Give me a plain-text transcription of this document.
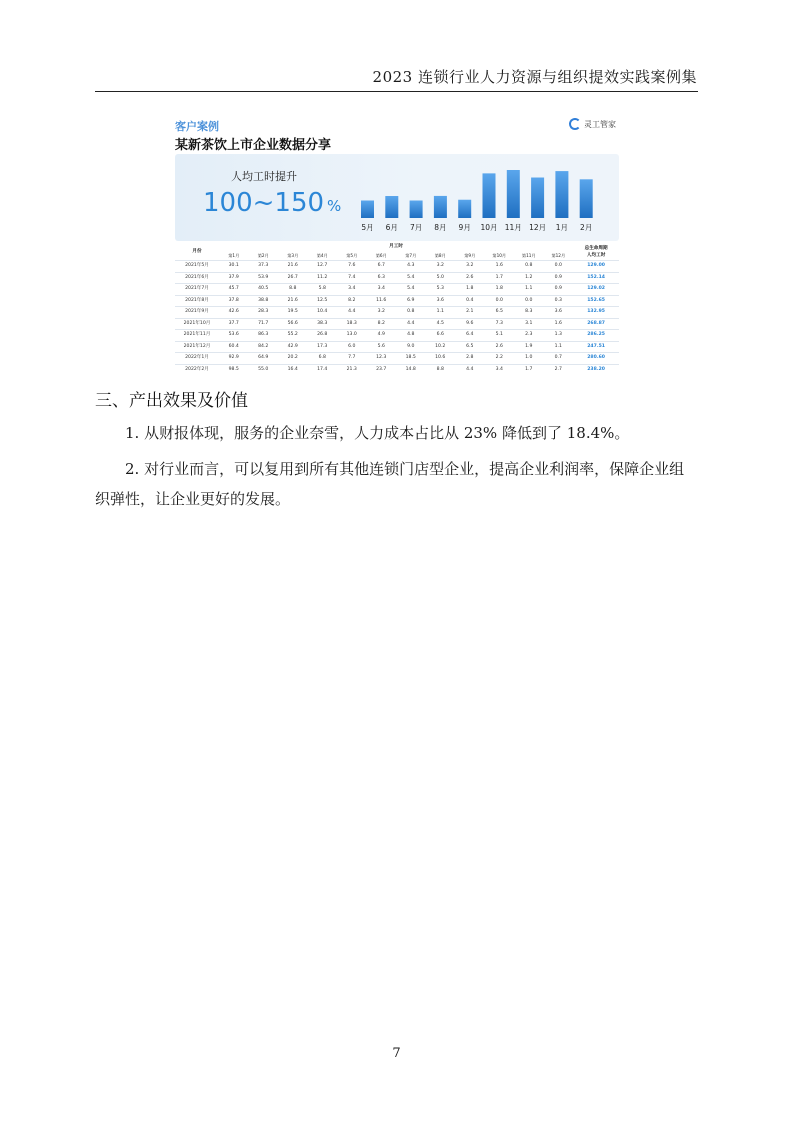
2023 连锁行业人力资源与组织提效实践案例集
客户案例
某新茶饮上市企业数据分享
灵工管家
人均工时提升
100~150 %
5月 6月 7月 8月 9月 10月 11月 12月 1月 2月
月份	月工时												总生命周期
人均工时

	第1月	第2月	第3月	第4月	第5月	第6月	第7月	第8月	第9月	第10月	第11月	第12月	
2021年5月	30.1	37.3	21.6	12.7	7.6	6.7	4.3	3.2	3.2	1.6	0.8	0.0	129.00
2021年6月	37.9	53.9	26.7	11.2	7.4	6.3	5.4	5.0	2.6	1.7	1.2	0.9	152.14
2021年7月	45.7	40.5	8.8	5.8	3.4	3.4	5.4	5.3	1.8	1.8	1.1	0.9	129.02
2021年8月	37.8	38.8	21.6	12.5	8.2	11.6	6.9	3.6	0.4	0.0	0.0	0.3	152.65
2021年9月	42.6	28.3	19.5	10.4	4.4	3.2	0.8	1.1	2.1	6.5	8.3	3.6	132.95
2021年10月	37.7	71.7	56.6	38.3	18.3	8.2	4.4	4.5	9.6	7.3	3.1	1.6	268.87
2021年11月	53.6	86.3	55.2	26.8	13.0	4.9	4.8	6.6	6.4	5.1	2.3	1.3	286.25
2021年12月	60.4	84.2	42.9	17.3	6.0	5.6	9.0	10.2	6.5	2.6	1.9	1.1	247.51
2022年1月	92.9	64.9	20.2	6.8	7.7	12.3	18.5	10.6	2.8	2.2	1.0	0.7	280.60
2022年2月	98.5	55.0	16.4	17.4	21.3	23.7	14.8	8.8	4.4	3.4	1.7	2.7	238.20
三、产出效果及价值

1. 从财报体现，服务的企业奈雪，人力成本占比从 23% 降低到了 18.4%。

2. 对行业而言，可以复用到所有其他连锁门店型企业，提高企业利润率，保障企业组织弹性，让企业更好的发展。

7
